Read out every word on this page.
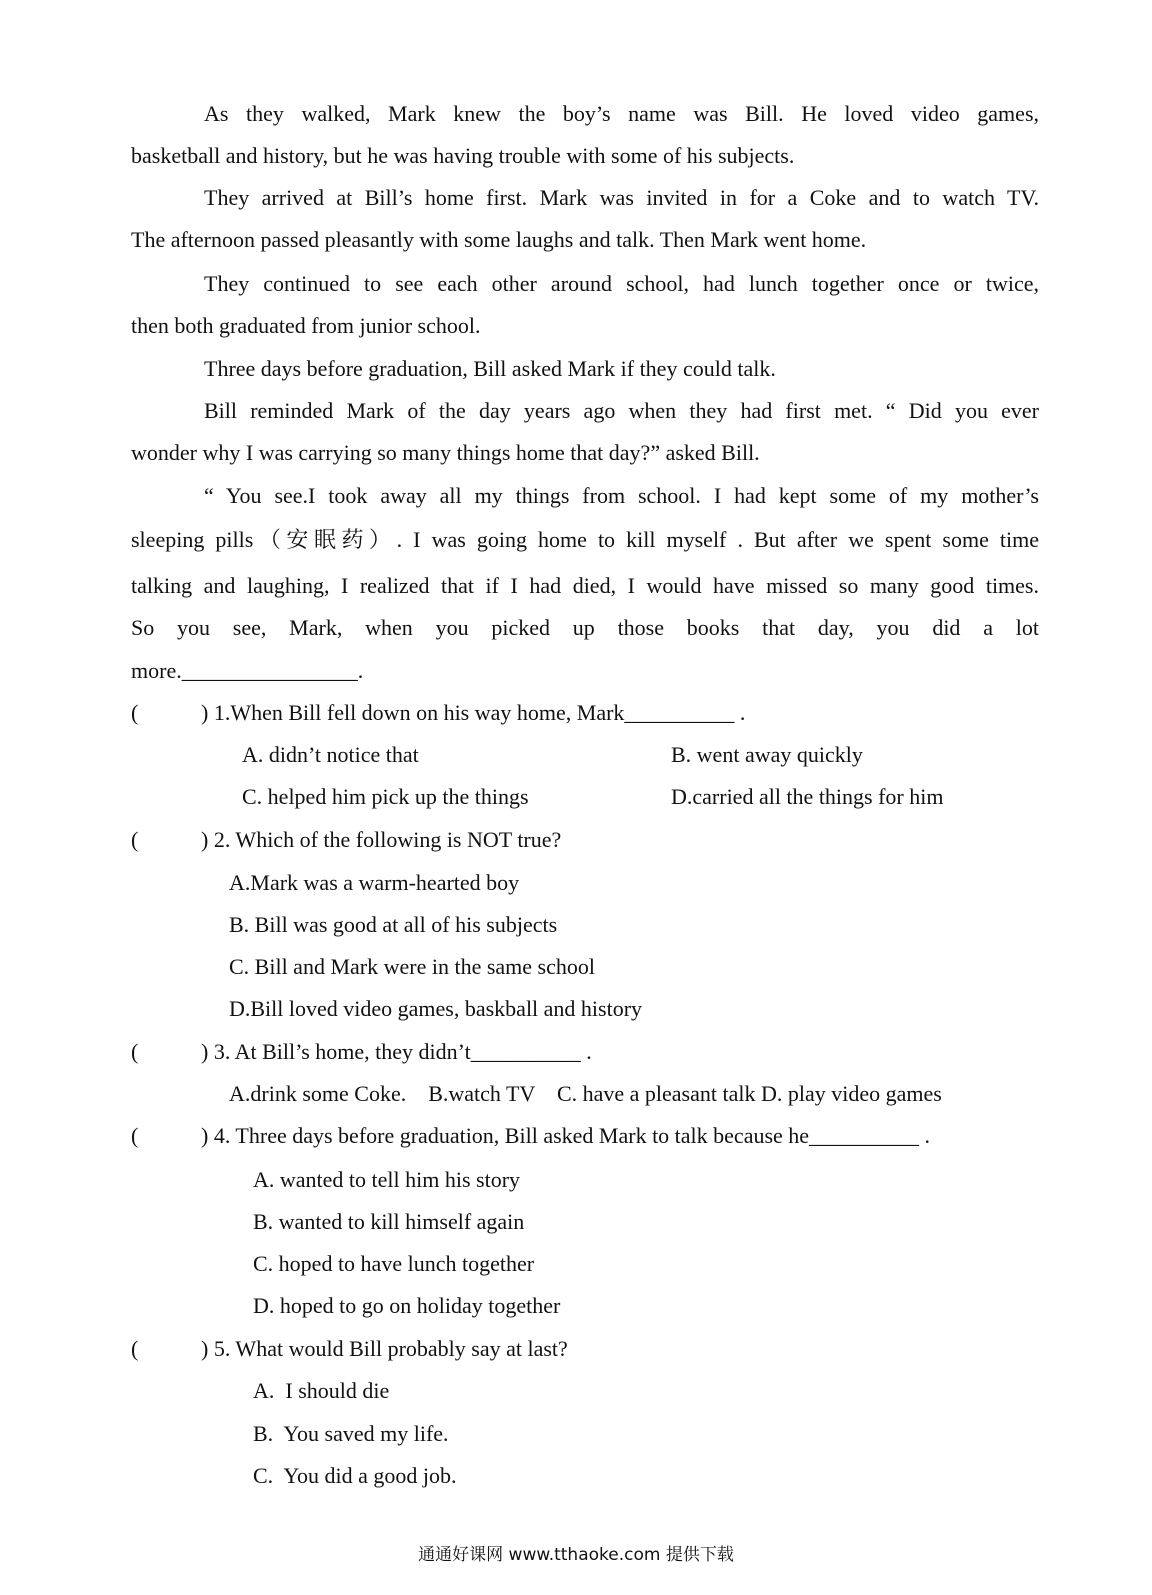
As they walked, Mark knew the boy’s name was Bill. He loved video games,
basketball and history, but he was having trouble with some of his subjects.
They arrived at Bill’s home first. Mark was invited in for a Coke and to watch TV.
The afternoon passed pleasantly with some laughs and talk. Then Mark went home.
They continued to see each other around school, had lunch together once or twice,
then both graduated from junior school.
Three days before graduation, Bill asked Mark if they could talk.
Bill reminded Mark of the day years ago when they had first met. “ Did you ever
wonder why I was carrying so many things home that day?” asked Bill.
“ You see.I took away all my things from school. I had kept some of my mother’s
sleeping pills（安眠药）. I was going home to kill myself . But after we spent some time
talking and laughing, I realized that if I had died, I would have missed so many good times.
So you see, Mark, when you picked up those books that day, you did a lot
more.________________.
(	) 1.When Bill fell down on his way home, Mark__________ .
A. didn’t notice that	B. went away quickly
C. helped him pick up the things	D.carried all the things for him
(	) 2. Which of the following is NOT true?
A.Mark was a warm-hearted boy
B. Bill was good at all of his subjects
C. Bill and Mark were in the same school
D.Bill loved video games, baskball and history
(	) 3. At Bill’s home, they didn’t__________ .
A.drink some Coke.    B.watch TV    C. have a pleasant talk D. play video games
(	) 4. Three days before graduation, Bill asked Mark to talk because he__________ .
A. wanted to tell him his story
B. wanted to kill himself again
C. hoped to have lunch together
D. hoped to go on holiday together
(	) 5. What would Bill probably say at last?
A.  I should die
B.  You saved my life.
C.  You did a good job.
通通好课网 www.tthaoke.com 提供下载
